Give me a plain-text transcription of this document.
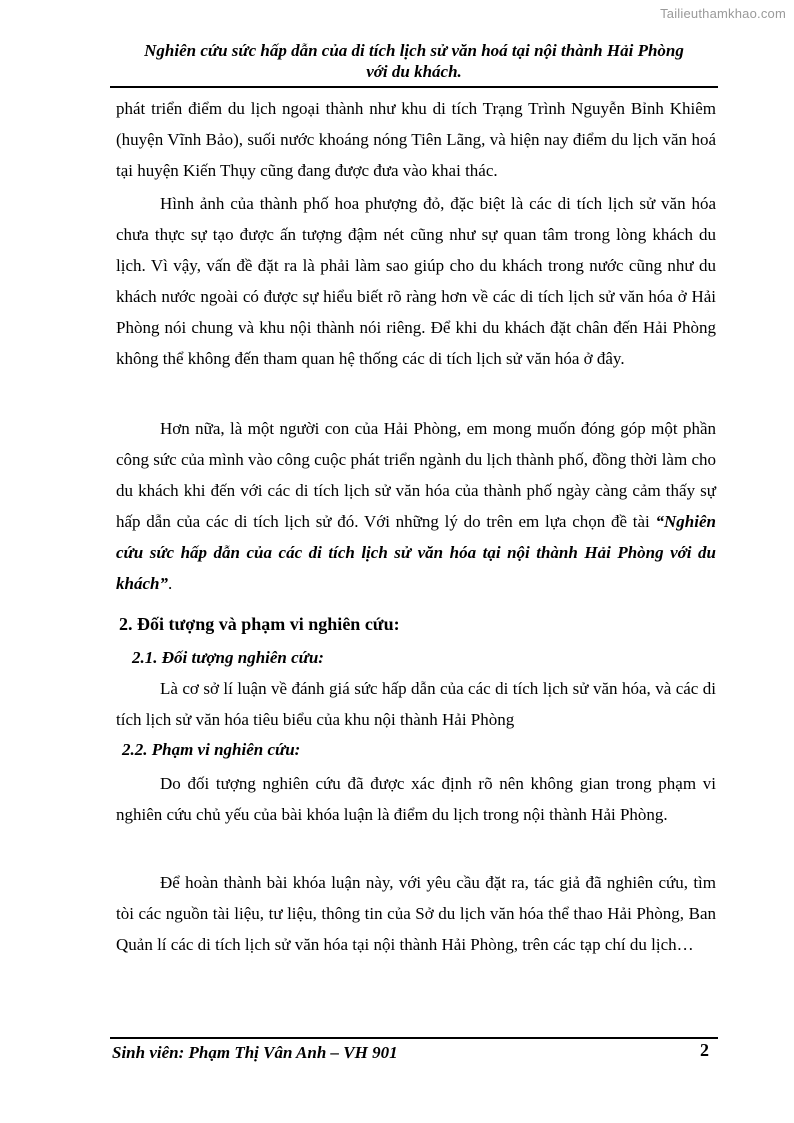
Tailieuthamkhao.com
Nghiên cứu sức hấp dẫn của di tích lịch sử văn hoá tại nội thành Hải Phòng
với du khách.

phát triển điểm du lịch ngoại thành như khu di tích Trạng Trình Nguyễn Bỉnh Khiêm (huyện Vĩnh Bảo), suối nước khoáng nóng Tiên Lãng, và hiện nay điểm du lịch văn hoá tại huyện Kiến Thụy cũng đang được đưa vào khai thác.

Hình ảnh của thành phố hoa phượng đỏ, đặc biệt là các di tích lịch sử văn hóa chưa thực sự tạo được ấn tượng đậm nét cũng như sự quan tâm trong lòng khách du lịch. Vì vậy, vấn đề đặt ra là phải làm sao giúp cho du khách trong nước cũng như du khách nước ngoài có được sự hiểu biết rõ ràng hơn về các di tích lịch sử văn hóa ở Hải Phòng nói chung và khu nội thành nói riêng. Để khi du khách đặt chân đến Hải Phòng không thể không đến tham quan hệ thống các di tích lịch sử văn hóa ở đây.

Hơn nữa, là một người con của Hải Phòng, em mong muốn đóng góp một phần công sức của mình vào công cuộc phát triển ngành du lịch thành phố, đồng thời làm cho du khách khi đến với các di tích lịch sử văn hóa của thành phố ngày càng cảm thấy sự hấp dẫn của các di tích lịch sử đó. Với những lý do trên em lựa chọn đề tài “Nghiên cứu sức hấp dẫn của các di tích lịch sử văn hóa tại nội thành Hải Phòng với du khách”.

2. Đối tượng và phạm vi nghiên cứu:
2.1. Đối tượng nghiên cứu:

Là cơ sở lí luận về đánh giá sức hấp dẫn của các di tích lịch sử văn hóa, và các di tích lịch sử văn hóa tiêu biểu của khu nội thành Hải Phòng

2.2. Phạm vi nghiên cứu:

Do đối tượng nghiên cứu đã được xác định rõ nên không gian trong phạm vi nghiên cứu chủ yếu của bài khóa luận là điểm du lịch trong nội thành Hải Phòng.

Để hoàn thành bài khóa luận này, với yêu cầu đặt ra, tác giả đã nghiên cứu, tìm tòi các nguồn tài liệu, tư liệu, thông tin của Sở du lịch văn hóa thể thao Hải Phòng, Ban Quản lí các di tích lịch sử văn hóa tại nội thành Hải Phòng, trên các tạp chí du lịch…

Sinh viên: Phạm Thị Vân Anh – VH 901	2
